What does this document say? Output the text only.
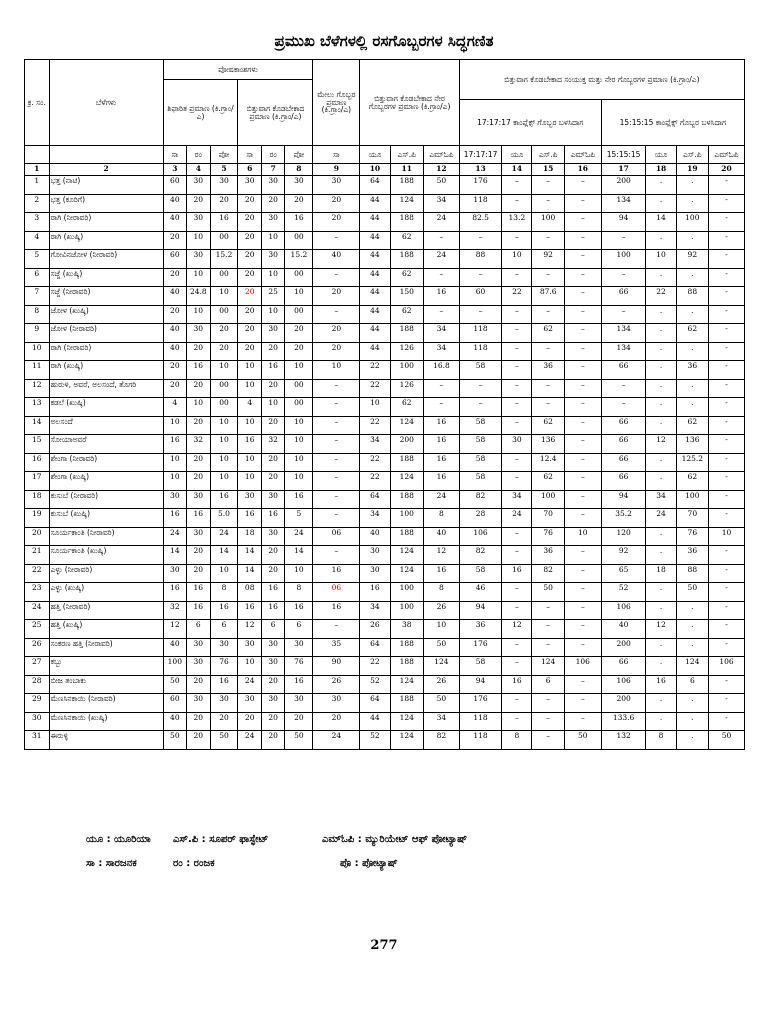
ಪ್ರಮುಖ ಬೆಳೆಗಳಲ್ಲಿ ರಸಗೊಬ್ಬರಗಳ ಸಿದ್ಧಗಣಿತ
ಕ್ರ. ಸಂ.	ಬೆಳೆಗಳು	ಪೋಷಕಾಂಶಗಳು						ಮೇಲು ಗೊಬ್ಬರ ಪ್ರಮಾಣ (ಕಿ.ಗ್ರಾಂ/ಎ)	ಬಿತ್ತುವಾಗ ಕೊಡಬೇಕಾದ ನೇರ ಗೊಬ್ಬರಗಳ ಪ್ರಮಾಣ (ಕಿ.ಗ್ರಾಂ/ಎ)			ಬಿತ್ತುವಾಗ ಕೊಡಬೇಕಾದ ಸಂಯುಕ್ತ ಮತ್ತು ನೇರ ಗೊಬ್ಬರಗಳ ಪ್ರಮಾಣ (ಕಿ.ಗ್ರಾಂ/ಎ)							
		ಶಿಫಾರಿತ ಪ್ರಮಾಣ (ಕಿ.ಗ್ರಾಂ/ಎ)			ಬಿತ್ತುವಾಗ ಕೊಡಬೇಕಾದ ಪ್ರಮಾಣ (ಕಿ.ಗ್ರಾಂ/ಎ)														
												17:17:17 ಕಾಂಪ್ಲೆಕ್ಸ್ ಗೊಬ್ಬರ ಬಳಸಿದಾಗ				15:15:15 ಕಾಂಪ್ಲೆಕ್ಸ್ ಗೊಬ್ಬರ ಬಳಸಿದಾಗ			
		ಸಾ	ರಂ	ಪೋ	ಸಾ	ರಂ	ಪೋ	ಸಾ	ಯೂ	ಎಸ್.ಪಿ	ಎಮ್‌ಓಪಿ	17:17:17	ಯೂ	ಎಸ್.ಪಿ	ಎಮ್‌ಓಪಿ	15:15:15	ಯೂ	ಎಸ್.ಪಿ	ಎಮ್‌ಓಪಿ
1	2	3	4	5	6	7	8	9	10	11	12	13	14	15	16	17	18	19	20
1	ಭತ್ತ (ನಾಟಿ)	60	30	30	30	30	30	30	64	188	50	176	–	–	–	200	.	.	-
2	ಭತ್ತ (ಕೂರಿಗೆ)	40	20	20	20	20	20	20	44	124	34	118	–	–	–	134	.	.	-
3	ರಾಗಿ (ನೀರಾವರಿ)	40	30	16	20	30	16	20	44	188	24	82.5	13.2	100	–	94	14	100	-
4	ರಾಗಿ (ಖುಷ್ಕಿ)	20	10	00	20	10	00	–	44	62	–	–	–	–	–	–	.	.	-
5	ಗೋವಿನಜೋಳ (ನೀರಾವರಿ)	60	30	15.2	20	30	15.2	40	44	188	24	88	10	92	–	100	10	92	-
6	ಸಜ್ಜೆ (ಖುಷ್ಕಿ)	20	10	00	20	10	00	–	44	62	–	–	–	–	–	–	.	.	-
7	ಸಜ್ಜೆ (ನೀರಾವರಿ)	40	24.8	10	20	25	10	20	44	150	16	60	22	87.6	–	66	22	88	-
8	ಜೋಳ (ಖುಷ್ಕಿ)	20	10	00	20	10	00	–	44	62	–	–	–	–	–	–	.	.	-
9	ಜೋಳ (ನೀರಾವರಿ)	40	30	20	20	30	20	20	44	188	34	118	–	62	–	134	.	62	-
10	ರಾಗಿ (ನೀರಾವರಿ)	40	20	20	20	20	20	20	44	126	34	118	–	–	–	134	.	.	-
11	ರಾಗಿ (ಖುಷ್ಕಿ)	20	16	10	10	16	10	10	22	100	16.8	58	–	36	–	66	.	36	-
12	ಹುರುಳಿ, ಅವರೆ, ಅಲಸಂದೆ, ತೊಗರಿ	20	20	00	10	20	00	–	22	126	–	–	–	–	–	–	.	.	-
13	ಕಡಲೆ (ಖುಷ್ಕಿ)	4	10	00	4	10	00	–	10	62	–	–	–	–	–	–	.	.	-
14	ಅಲಸಂದೆ	10	20	10	10	20	10	–	22	124	16	58	–	62	–	66	.	62	-
15	ಸೋಯಾಅವರೆ	16	32	10	16	32	10	–	34	200	16	58	30	136	–	66	12	136	-
16	ಶೇಂಗಾ (ನೀರಾವರಿ)	10	20	10	10	20	10	–	22	188	16	58	–	12.4	–	66	.	125.2	-
17	ಶೇಂಗಾ (ಖುಷ್ಕಿ)	10	20	10	10	20	10	–	22	124	16	58	–	62	–	66	.	62	-
18	ಕುಸುಬೆ (ನೀರಾವರಿ)	30	30	16	30	30	16	–	64	188	24	82	34	100	–	94	34	100	-
19	ಕುಸುಬೆ (ಖುಷ್ಕಿ)	16	16	5.0	16	16	5	–	34	100	8	28	24	70	–	35.2	24	70	-
20	ಸೂರ್ಯಕಾಂತಿ (ನೀರಾವರಿ)	24	30	24	18	30	24	06	40	188	40	106	–	76	10	120	.	76	10
21	ಸೂರ್ಯಕಾಂತಿ (ಖುಷ್ಕಿ)	14	20	14	14	20	14	–	30	124	12	82	–	36	–	92	.	36	-
22	ಎಳ್ಳು (ನೀರಾವರಿ)	30	20	10	14	20	10	16	30	124	16	58	16	82	–	65	18	88	-
23	ಎಳ್ಳು (ಖುಷ್ಕಿ)	16	16	8	08	16	8	06	16	100	8	46	–	50	–	52	.	50	-
24	ಹತ್ತಿ (ನೀರಾವರಿ)	32	16	16	16	16	16	16	34	100	26	94	–	–	–	106	.	.	-
25	ಹತ್ತಿ (ಖುಷ್ಕಿ)	12	6	6	12	6	6	–	26	38	10	36	12	–	–	40	12	.	-
26	ಸಂಕರಣ ಹತ್ತಿ (ನೀರಾವರಿ)	40	30	30	30	30	30	35	64	188	50	176	–	–	–	200	.	.	-
27	ಕಬ್ಬು	100	30	76	10	30	76	90	22	188	124	58	–	124	106	66	.	124	106
28	ಬೀಜ ತಂಬಾಕು	50	20	16	24	20	16	26	52	124	26	94	16	6	–	106	16	6	-
29	ಮೆಣಸಿನಕಾಯಿ (ನೀರಾವರಿ)	60	30	30	30	30	30	30	64	188	50	176	–	–	–	200	.	.	-
30	ಮೆಣಸಿನಕಾಯಿ (ಖುಷ್ಕಿ)	40	20	20	20	20	20	20	44	124	34	118	–	–	–	133.6	.	.	-
31	ಈರುಳ್ಳಿ	50	20	50	24	20	50	24	52	124	82	118	8	–	50	132	8	.	50
ಯೂ : ಯೂರಿಯಾ ಎಸ್.ಪಿ : ಸೂಪರ್ ಫಾಸ್ಫೇಟ್	ಎಮ್‌ಓಪಿ : ಮ್ಯುರಿಯೇಟ್ ಆಫ್ ಪೋಟ್ಯಾಷ್
ಸಾ : ಸಾರಜನಕ	ರಂ : ರಂಜಕ	ಪೊ : ಪೋಟ್ಯಾಷ್
277
